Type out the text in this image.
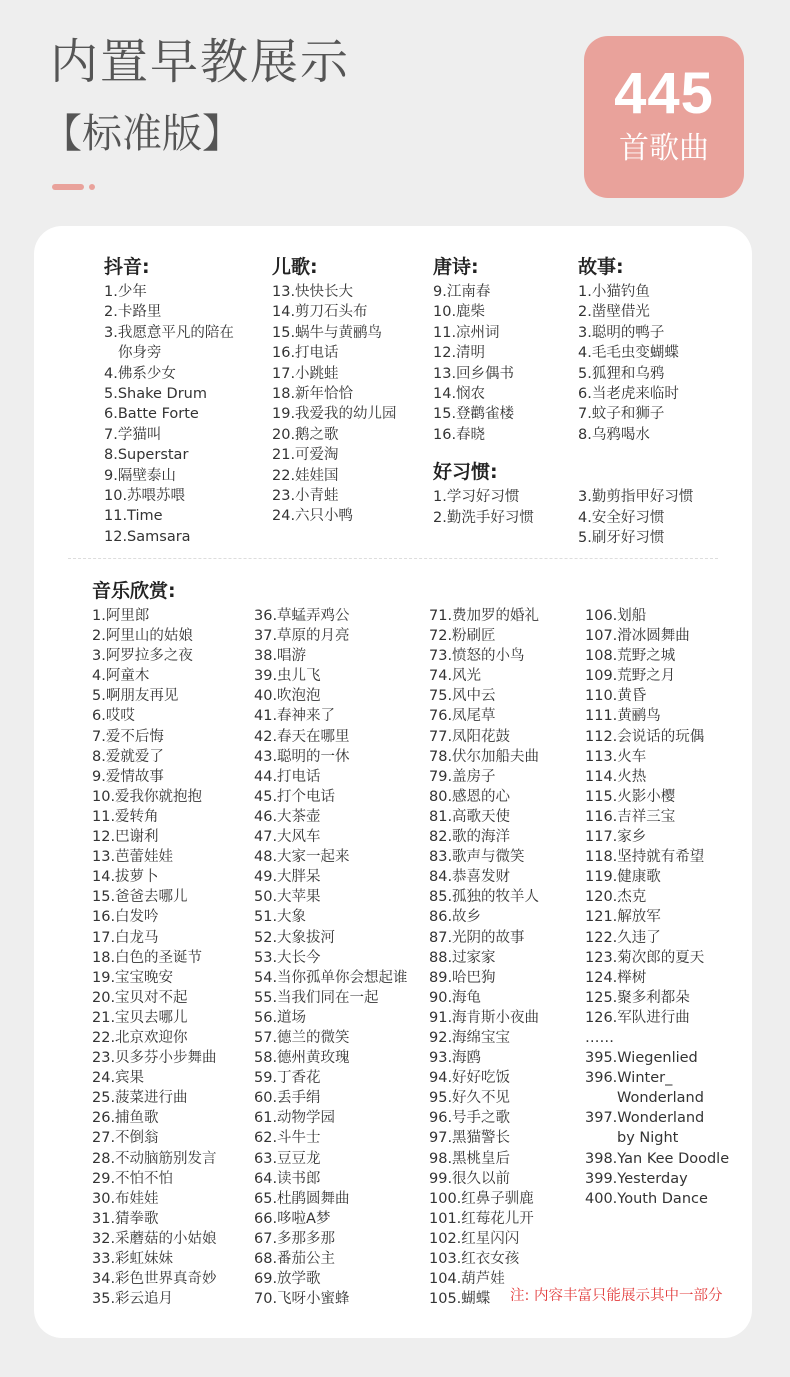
内置早教展示
【标准版】
445
首歌曲
抖音:
1.少年
2.卡路里
3.我愿意平凡的陪在
你身旁
4.佛系少女
5.Shake Drum
6.Batte Forte
7.学猫叫
8.Superstar
9.隔壁泰山
10.苏喂苏喂
11.Time
12.Samsara
儿歌:
13.快快长大
14.剪刀石头布
15.蜗牛与黄鹂鸟
16.打电话
17.小跳蛙
18.新年恰恰
19.我爱我的幼儿园
20.鹅之歌
21.可爱淘
22.娃娃国
23.小青蛙
24.六只小鸭
唐诗:
9.江南春
10.鹿柴
11.凉州词
12.清明
13.回乡偶书
14.悯农
15.登鹳雀楼
16.春晓
好习惯:
1.学习好习惯
2.勤洗手好习惯
故事:
1.小猫钓鱼
2.凿壁借光
3.聪明的鸭子
4.毛毛虫变蝴蝶
5.狐狸和乌鸦
6.当老虎来临时
7.蚊子和狮子
8.乌鸦喝水
3.勤剪指甲好习惯
4.安全好习惯
5.刷牙好习惯
音乐欣赏:
1.阿里郎
2.阿里山的姑娘
3.阿罗拉多之夜
4.阿童木
5.啊朋友再见
6.哎哎
7.爱不后悔
8.爱就爱了
9.爱情故事
10.爱我你就抱抱
11.爱转角
12.巴谢利
13.芭蕾娃娃
14.拔萝卜
15.爸爸去哪儿
16.白发吟
17.白龙马
18.白色的圣诞节
19.宝宝晚安
20.宝贝对不起
21.宝贝去哪儿
22.北京欢迎你
23.贝多芬小步舞曲
24.宾果
25.菠菜进行曲
26.捕鱼歌
27.不倒翁
28.不动脑筋别发言
29.不怕不怕
30.布娃娃
31.猜拳歌
32.采蘑菇的小姑娘
33.彩虹妹妹
34.彩色世界真奇妙
35.彩云追月
36.草蜢弄鸡公
37.草原的月亮
38.唱游
39.虫儿飞
40.吹泡泡
41.春神来了
42.春天在哪里
43.聪明的一休
44.打电话
45.打个电话
46.大茶壶
47.大风车
48.大家一起来
49.大胖呆
50.大苹果
51.大象
52.大象拔河
53.大长今
54.当你孤单你会想起谁
55.当我们同在一起
56.道场
57.德兰的微笑
58.德州黄玫瑰
59.丁香花
60.丢手绢
61.动物学园
62.斗牛士
63.豆豆龙
64.读书郎
65.杜鹃圆舞曲
66.哆啦A梦
67.多那多那
68.番茄公主
69.放学歌
70.飞呀小蜜蜂
71.费加罗的婚礼
72.粉刷匠
73.愤怒的小鸟
74.风光
75.风中云
76.凤尾草
77.凤阳花鼓
78.伏尔加船夫曲
79.盖房子
80.感恩的心
81.高歌天使
82.歌的海洋
83.歌声与微笑
84.恭喜发财
85.孤独的牧羊人
86.故乡
87.光阴的故事
88.过家家
89.哈巴狗
90.海龟
91.海肯斯小夜曲
92.海绵宝宝
93.海鸥
94.好好吃饭
95.好久不见
96.号手之歌
97.黑猫警长
98.黑桃皇后
99.很久以前
100.红鼻子驯鹿
101.红莓花儿开
102.红星闪闪
103.红衣女孩
104.葫芦娃
105.蝴蝶
106.划船
107.滑冰圆舞曲
108.荒野之城
109.荒野之月
110.黄昏
111.黄鹂鸟
112.会说话的玩偶
113.火车
114.火热
115.火影小樱
116.吉祥三宝
117.家乡
118.坚持就有希望
119.健康歌
120.杰克
121.解放军
122.久违了
123.菊次郎的夏天
124.榉树
125.聚多利都朵
126.军队进行曲
……
395.Wiegenlied
396.Winter_
Wonderland
397.Wonderland
by Night
398.Yan Kee Doodle
399.Yesterday
400.Youth Dance
注: 内容丰富只能展示其中一部分
